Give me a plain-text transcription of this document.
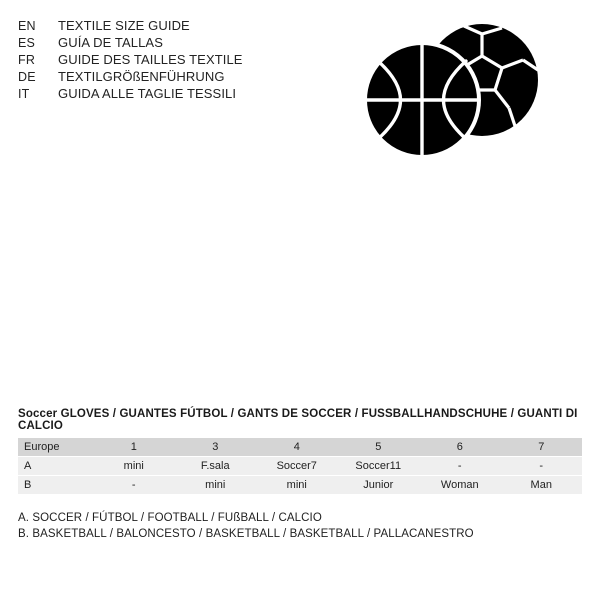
EN	TEXTILE SIZE GUIDE
ES	GUÍA DE TALLAS
FR	GUIDE DES TAILLES TEXTILE
DE	TEXTILGRÖßENFÜHRUNG
IT	GUIDA ALLE TAGLIE TESSILI
Soccer GLOVES / GUANTES FÚTBOL / GANTS DE SOCCER / FUSSBALLHANDSCHUHE / GUANTI DI CALCIO
Europe	1	3	4	5	6	7
A	mini	F.sala	Soccer7	Soccer11	-	-
B	-	mini	mini	Junior	Woman	Man
A. SOCCER / FÚTBOL / FOOTBALL / FUßBALL / CALCIO
B. BASKETBALL / BALONCESTO / BASKETBALL / BASKETBALL / PALLACANESTRO
